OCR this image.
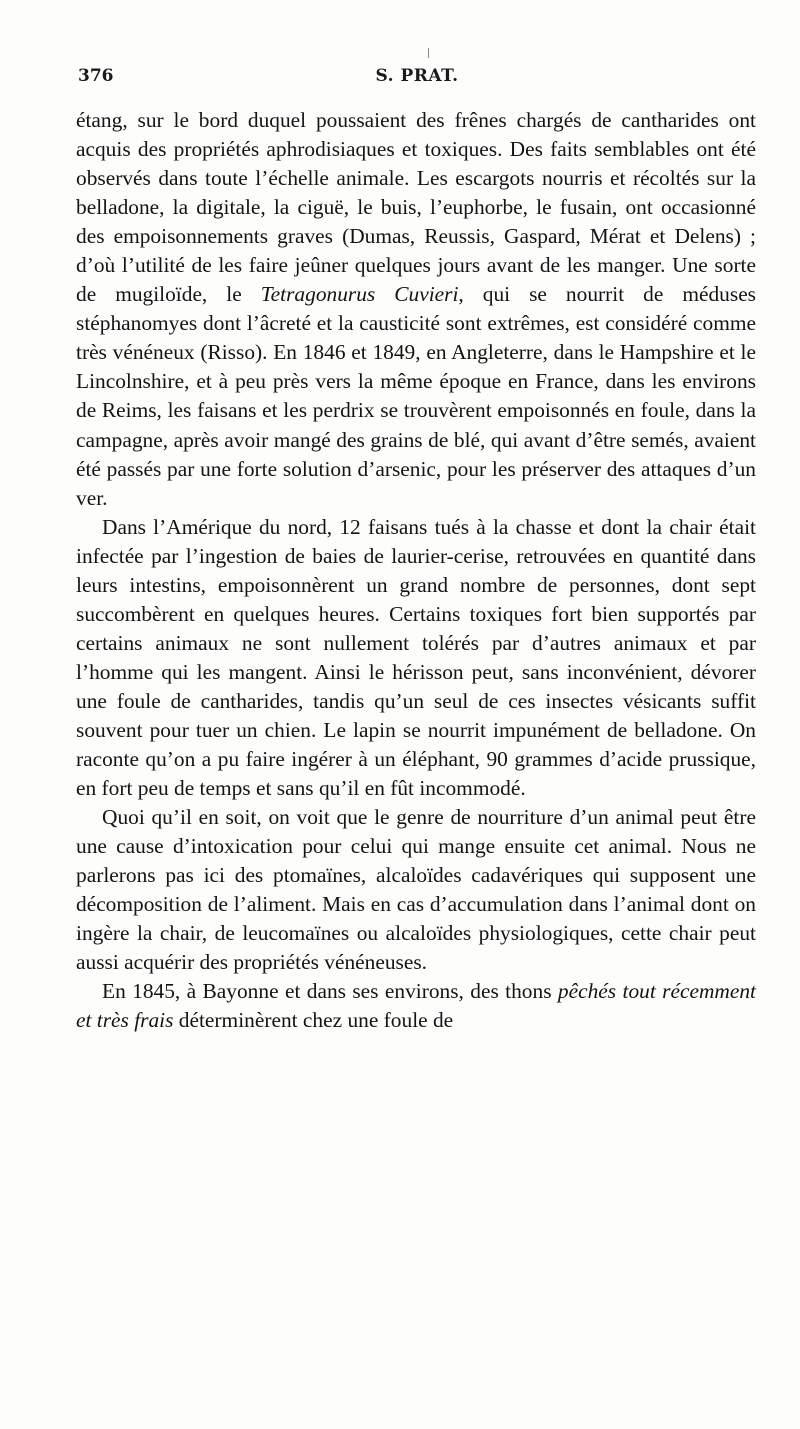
376	S. PRAT.

étang, sur le bord duquel poussaient des frênes chargés de cantharides ont acquis des propriétés aphrodisiaques et toxiques. Des faits semblables ont été observés dans toute l’échelle animale. Les escargots nourris et récoltés sur la belladone, la digitale, la ciguë, le buis, l’euphorbe, le fusain, ont occasionné des empoisonnements graves (Dumas, Reussis, Gaspard, Mérat et Delens) ; d’où l’utilité de les faire jeûner quelques jours avant de les manger. Une sorte de mugiloïde, le Tetragonurus Cuvieri, qui se nourrit de méduses stéphanomyes dont l’âcreté et la causticité sont extrêmes, est considéré comme très vénéneux (Risso). En 1846 et 1849, en Angleterre, dans le Hampshire et le Lincolnshire, et à peu près vers la même époque en France, dans les environs de Reims, les faisans et les perdrix se trouvèrent empoisonnés en foule, dans la campagne, après avoir mangé des grains de blé, qui avant d’être semés, avaient été passés par une forte solution d’arsenic, pour les préserver des attaques d’un ver.

Dans l’Amérique du nord, 12 faisans tués à la chasse et dont la chair était infectée par l’ingestion de baies de laurier-cerise, retrouvées en quantité dans leurs intestins, empoisonnèrent un grand nombre de personnes, dont sept succombèrent en quelques heures. Certains toxiques fort bien supportés par certains animaux ne sont nullement tolérés par d’autres animaux et par l’homme qui les mangent. Ainsi le hérisson peut, sans inconvénient, dévorer une foule de cantharides, tandis qu’un seul de ces insectes vésicants suffit souvent pour tuer un chien. Le lapin se nourrit impunément de belladone. On raconte qu’on a pu faire ingérer à un éléphant, 90 grammes d’acide prussique, en fort peu de temps et sans qu’il en fût incommodé.

Quoi qu’il en soit, on voit que le genre de nourriture d’un animal peut être une cause d’intoxication pour celui qui mange ensuite cet animal. Nous ne parlerons pas ici des ptomaïnes, alcaloïdes cadavériques qui supposent une décomposition de l’aliment. Mais en cas d’accumulation dans l’animal dont on ingère la chair, de leucomaïnes ou alcaloïdes physiologiques, cette chair peut aussi acquérir des propriétés vénéneuses.

En 1845, à Bayonne et dans ses environs, des thons pêchés tout récemment et très frais déterminèrent chez une foule de
